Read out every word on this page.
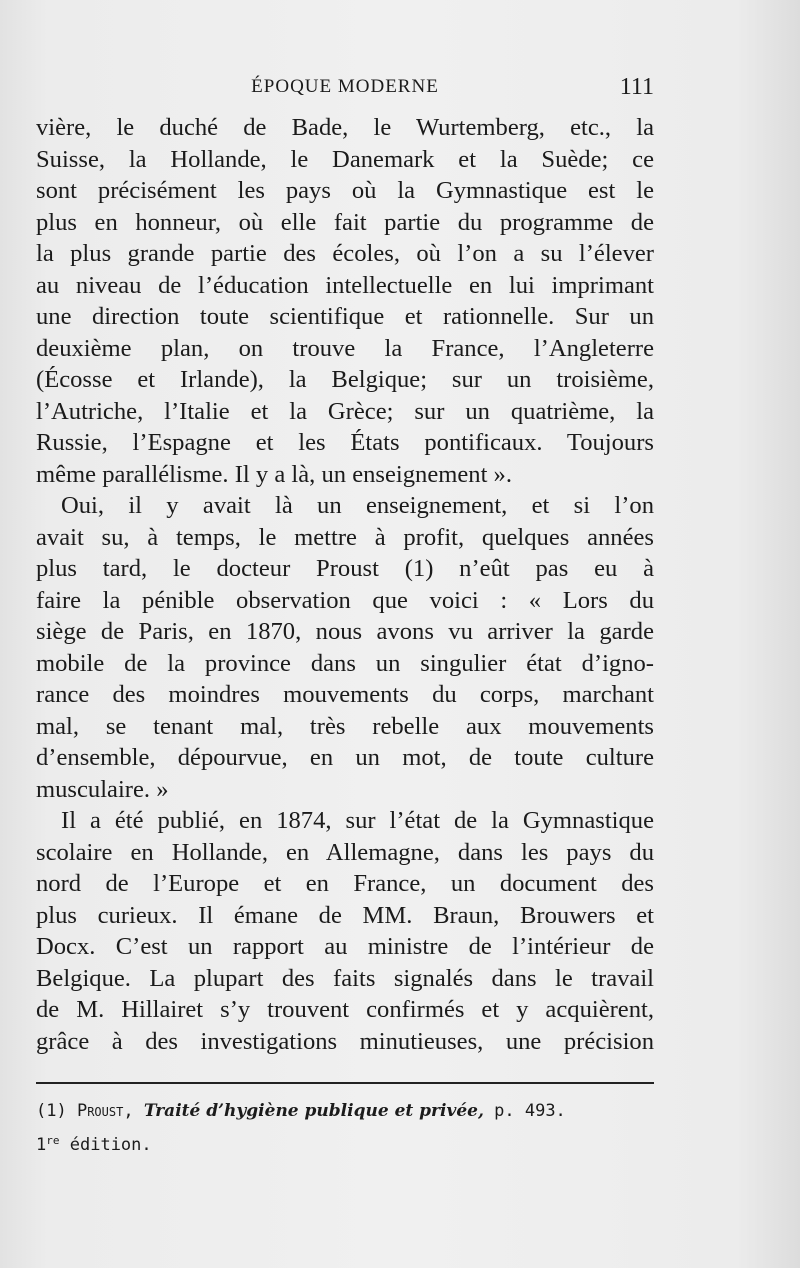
ÉPOQUE MODERNE	111

vière, le duché de Bade, le Wurtemberg, etc., la
Suisse, la Hollande, le Danemark et la Suède; ce
sont précisément les pays où la Gymnastique est le
plus en honneur, où elle fait partie du programme de
la plus grande partie des écoles, où l’on a su l’élever
au niveau de l’éducation intellectuelle en lui imprimant
une direction toute scientifique et rationnelle. Sur un
deuxième plan, on trouve la France, l’Angleterre
(Écosse et Irlande), la Belgique; sur un troisième,
l’Autriche, l’Italie et la Grèce; sur un quatrième, la
Russie, l’Espagne et les États pontificaux. Toujours
même parallélisme. Il y a là, un enseignement ».

Oui, il y avait là un enseignement, et si l’on
avait su, à temps, le mettre à profit, quelques années
plus tard, le docteur Proust (1) n’eût pas eu à
faire la pénible observation que voici : « Lors du
siège de Paris, en 1870, nous avons vu arriver la garde
mobile de la province dans un singulier état d’igno-
rance des moindres mouvements du corps, marchant
mal, se tenant mal, très rebelle aux mouvements
d’ensemble, dépourvue, en un mot, de toute culture
musculaire. »

Il a été publié, en 1874, sur l’état de la Gymnastique
scolaire en Hollande, en Allemagne, dans les pays du
nord de l’Europe et en France, un document des
plus curieux. Il émane de MM. Braun, Brouwers et
Docx. C’est un rapport au ministre de l’intérieur de
Belgique. La plupart des faits signalés dans le travail
de M. Hillairet s’y trouvent confirmés et y acquièrent,
grâce à des investigations minutieuses, une précision

(1) Proust, Traité d’hygiène publique et privée, p. 493.
1re édition.
